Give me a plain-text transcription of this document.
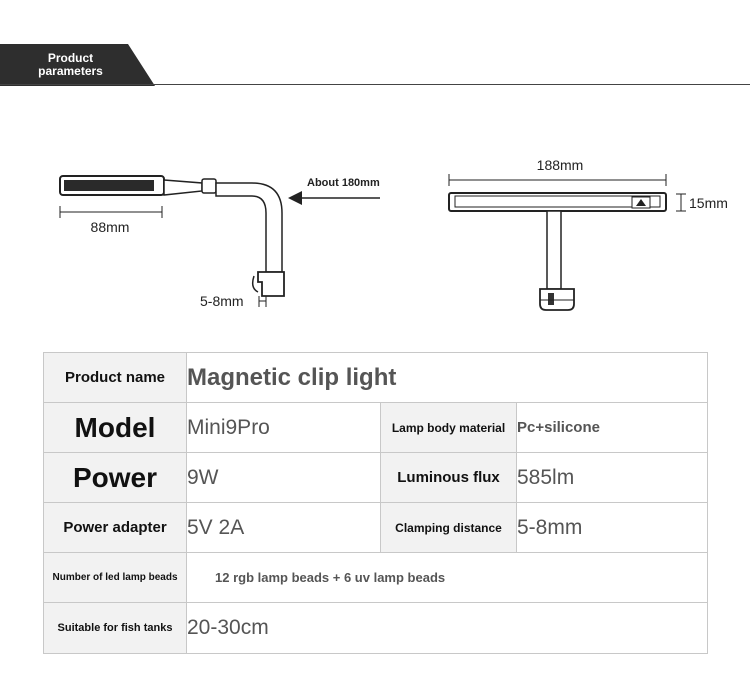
Product parameters
88mm
About 180mm
5-8mm
188mm
15mm
Product name	Magnetic clip light		
Model	Mini9Pro	Lamp body material	Pc+silicone
Power	9W	Luminous flux	585lm
Power adapter	5V 2A	Clamping distance	5-8mm
Number of led lamp beads	12 rgb lamp beads + 6 uv lamp beads		
Suitable for fish tanks	20-30cm		
